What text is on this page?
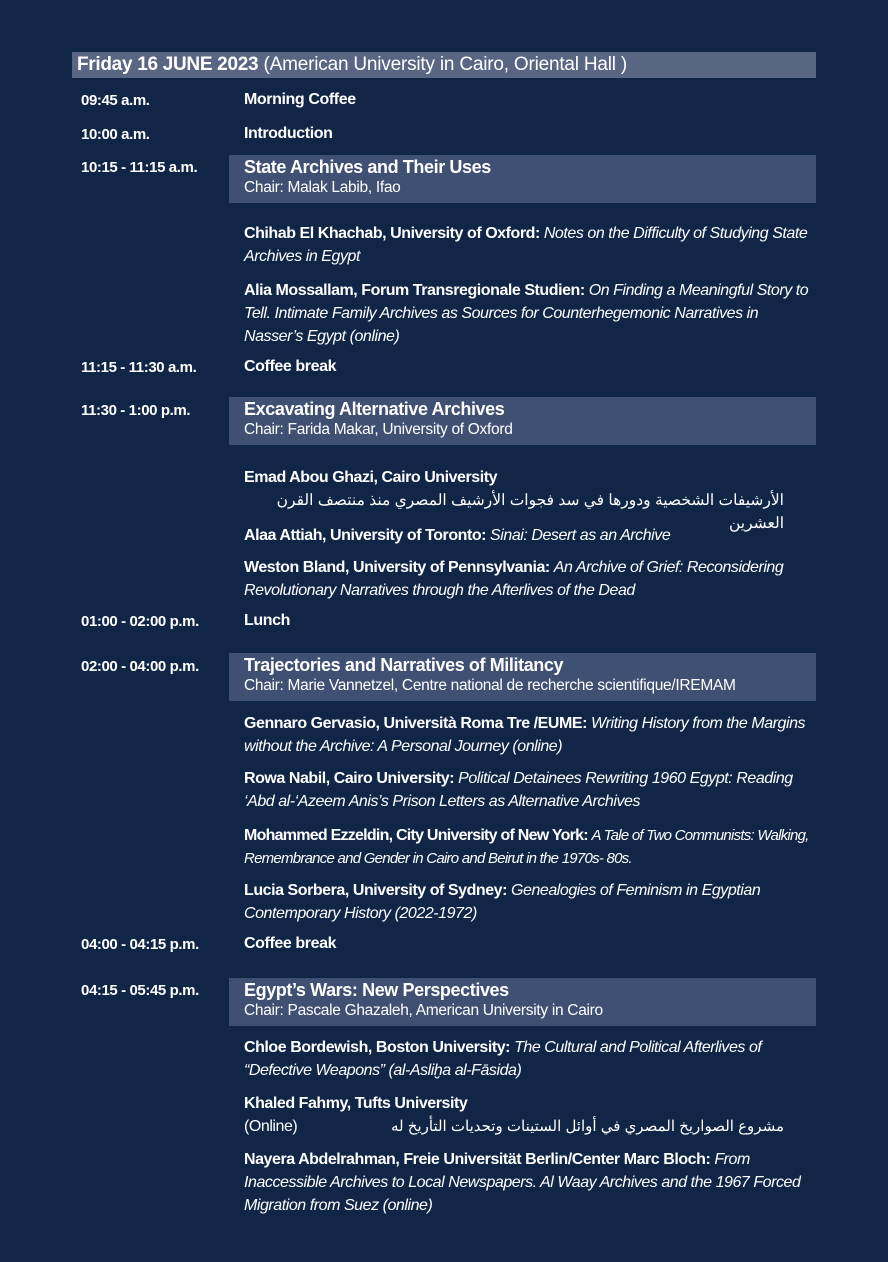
Friday 16 JUNE 2023 (American University in Cairo, Oriental Hall )
09:45 a.m.	Morning Coffee
10:00 a.m.	Introduction
10:15 - 11:15 a.m.	State Archives and Their Uses
Chair: Malak Labib, Ifao
Chihab El Khachab, University of Oxford: Notes on the Difficulty of Studying State Archives in Egypt
Alia Mossallam, Forum Transregionale Studien: On Finding a Meaningful Story to Tell. Intimate Family Archives as Sources for Counterhegemonic Narratives in Nasser’s Egypt (online)
11:15 - 11:30 a.m.	Coffee break
11:30 - 1:00 p.m.	Excavating Alternative Archives
Chair: Farida Makar, University of Oxford
Emad Abou Ghazi, Cairo University
الأرشيفات الشخصية ودورها في سد فجوات الأرشيف المصري منذ منتصف القرن العشرين
Alaa Attiah, University of Toronto: Sinai: Desert as an Archive
Weston Bland, University of Pennsylvania: An Archive of Grief: Reconsidering Revolutionary Narratives through the Afterlives of the Dead
01:00 - 02:00 p.m.	Lunch
02:00 - 04:00 p.m.	Trajectories and Narratives of Militancy
Chair: Marie Vannetzel, Centre national de recherche scientifique/IREMAM
Gennaro Gervasio, Università Roma Tre /EUME: Writing History from the Margins without the Archive: A Personal Journey (online)
Rowa Nabil, Cairo University: Political Detainees Rewriting 1960 Egypt: Reading ‘Abd al-‘Azeem Anis’s Prison Letters as Alternative Archives
Mohammed Ezzeldin, City University of New York: A Tale of Two Communists: Walking, Remembrance and Gender in Cairo and Beirut in the 1970s- 80s.
Lucia Sorbera, University of Sydney: Genealogies of Feminism in Egyptian Contemporary History (2022-1972)
04:00 - 04:15 p.m.	Coffee break
04:15 - 05:45 p.m.	Egypt’s Wars: New Perspectives
Chair: Pascale Ghazaleh, American University in Cairo
Chloe Bordewish, Boston University: The Cultural and Political Afterlives of “Defective Weapons” (al-Asliḫa al-Fāsida)
Khaled Fahmy, Tufts University
(Online)	مشروع الصواريخ المصري في أوائل الستينات وتحديات التأريخ له
Nayera Abdelrahman, Freie Universität Berlin/Center Marc Bloch: From Inaccessible Archives to Local Newspapers. Al Waay Archives and the 1967 Forced Migration from Suez (online)
